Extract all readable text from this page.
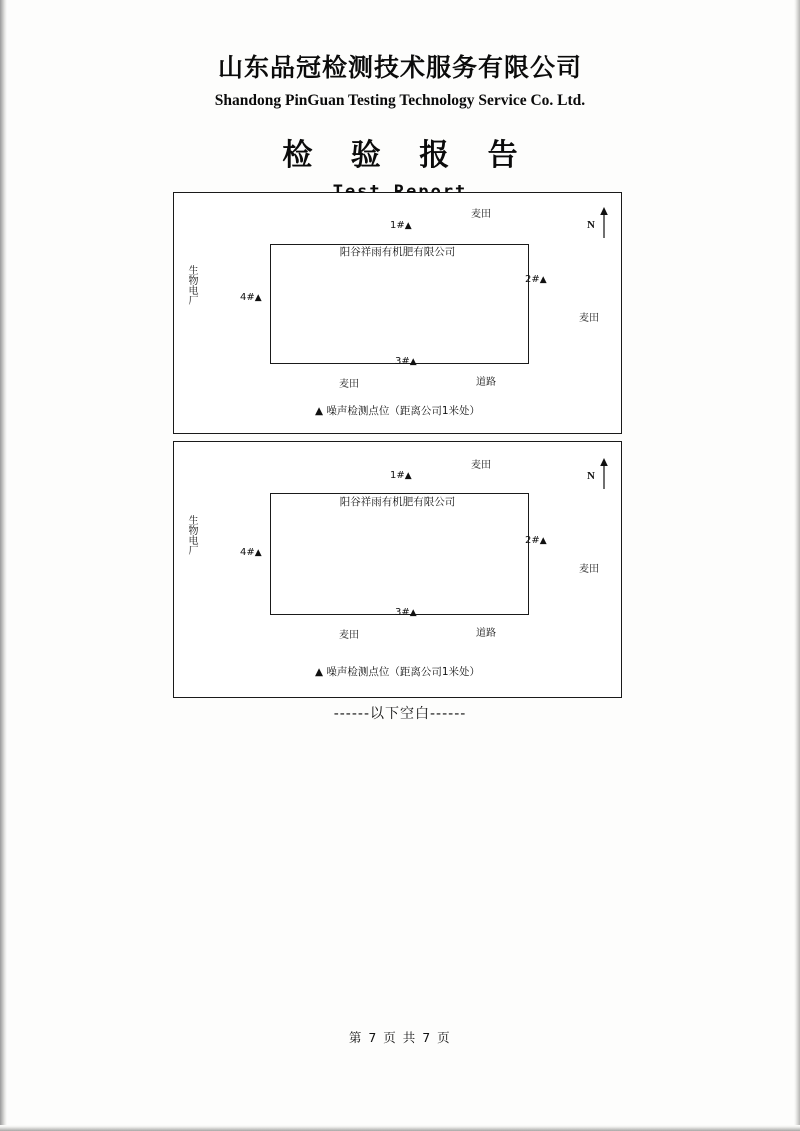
山东品冠检测技术服务有限公司
Shandong PinGuan Testing Technology Service Co. Ltd.
检 验 报 告
阳谷祥雨有机肥有限公司
麦田
生物电厂
麦田
麦田	道路
1#▲
2#▲
3#▲
4#▲
N
▲ 噪声检测点位（距离公司1米处）
阳谷祥雨有机肥有限公司
麦田
生物电厂
麦田
麦田	道路
1#▲
2#▲
3#▲
4#▲
N
▲ 噪声检测点位（距离公司1米处）
------以下空白------
第 7 页 共 7 页
